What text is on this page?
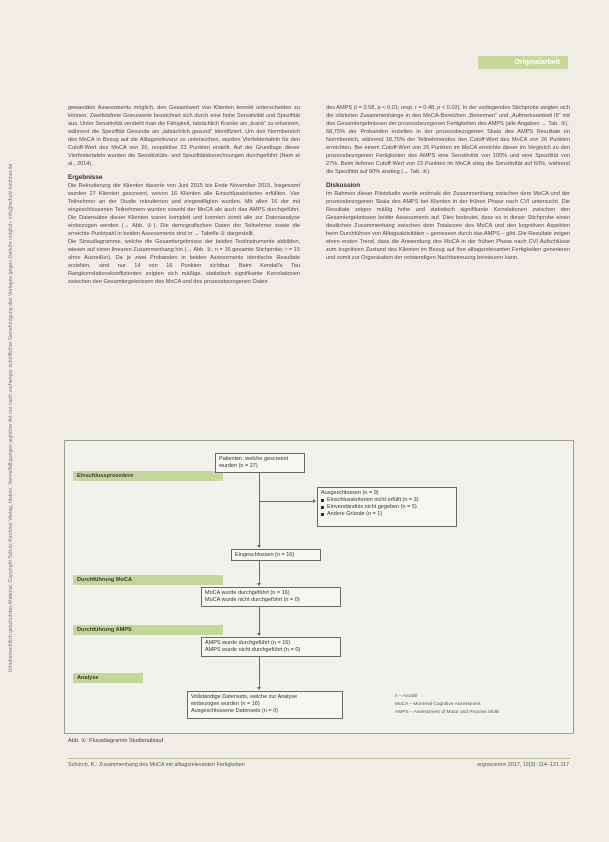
Urheberrechtlich geschütztes Material. Copyright Schulz-Kirchner Verlag, Idstein. Vervielfältigungen jeglicher Art nur nach vorheriger schriftlicher Genehmigung des Verlages gegen Gebühr möglich. info@schulz-kirchner.de
Originalarbeit

gewandten Assessments möglich, den Gesamtwert von Klienten korrekt unterscheiden zu können. Zweifelsfreie Grenzwerte bezeichnet sich durch eine hohe Sensitivität und Spezifität aus. Unter Sensitivität versteht man die Fähigkeit, tatsächlich Kranke als „krank“ zu erkennen, während die Spezifität Gesunde als „tatsächlich gesund“ identifiziert. Um den Normbereich des MoCA in Bezug auf die Alltagsrelevanz zu untersuchen, wurden Vierfeldertafeln für den Cutoff-Wert des MoCA von 26, respektive 23 Punkten erstellt. Auf der Grundlage dieser Vierfeldertafeln wurden die Sensitivitäts- und Spezifitätsberechnungen durchgeführt (Nam et al., 2014).

Ergebnisse

Die Rekrutierung der Klienten dauerte von Juni 2015 bis Ende November 2015. Insgesamt wurden 27 Klienten gescreent, wovon 16 Klienten alle Einschlusskriterien erfüllten. Vier Teilnehmer an der Studie rekrutierten und eingewilligten wurden. Mit allen 16 der mit eingeschlossenen Teilnehmern wurden sowohl der MoCA als auch das AMPS durchgeführt. Die Datensätze dieser Klienten waren komplett und konnten somit alle zur Datenanalyse einbezogen werden (→ Abb. ①). Die demografischen Daten der Teilnehmer sowie die erreichte Punktzahl in beiden Assessments sind in → Tabelle ② dargestellt.

Die Streudiagramme, welche die Gesamtergebnisse der beiden Testinstrumente abbilden, wiesen auf einen linearen Zusammenhang hin (→ Abb. ②; n = 16 gesamte Stichprobe; r = 15 ohne Ausreißer). Da je zwei Probanden in beiden Assessments identische Resultate erzielten, sind nur 14 von 16 Punkten sichtbar. Beim Kendall’s Tau Rangkorrelationskoeffizienten zeigten sich mäßige, statistisch signifikante Korrelationen zwischen den Gesamtergebnissen des MoCA und des prozessbezogenen Daten

des AMPS (t = 0.58, p < 0.01; resp. r = 0.48, p < 0.02). In der vorliegenden Stichprobe zeigten sich die stärksten Zusammenhänge in den MoCA-Bereichen „Benennen“ und „Aufmerksamkeit III“ mit den Gesamtergebnissen der prozessbezogenen Fertigkeiten des AMPS (alle Angaben → Tab. ③).

68,75% der Probanden erzielten in der prozessbezogenen Skala des AMPS Resultate im Normbereich, während 18,75% der Teilnehmenden den Cutoff-Wert des MoCA von 26 Punkten erreichten. Bei einem Cutoff-Wert von 26 Punkten im MoCA erreichte dieser im Vergleich zu den prozessbezogenen Fertigkeiten des AMPS eine Sensitivität von 100% und eine Spezifität von 27%. Beim tieferen Cutoff-Wert von 23 Punkten im MoCA stieg die Sensitivität auf 60%, während die Spezifität auf 90% anstieg (→ Tab. ④).

Diskussion

Im Rahmen dieser Pilotstudie wurde erstmals der Zusammenhang zwischen dem MoCA und der prozessbezogenen Skala des AMPS bei Klienten in der frühen Phase nach CVI untersucht. Die Resultate zeigen mäßig hohe und statistisch signifikante Korrelationen zwischen den Gesamtergebnissen beider Assessments auf. Dies bedeutet, dass es in dieser Stichprobe einen deutlichen Zusammenhang zwischen dem Totalscore des MoCA und den kognitiven Aspekten beim Durchführen von Alltagsaktivitäten – gemessen durch das AMPS – gibt. Die Resultate zeigen einen ersten Trend, dass die Anwendung des MoCA in der frühen Phase nach CVI Aufschlüsse zum kognitiven Zustand des Klienten im Bezug auf ihre alltagsrelevanten Fertigkeiten generieren und somit zur Organisation der notwendigen Nachbetreuung beisteuern kann.

Einschlussprozedere
Durchführung MoCA
Durchführung AMPS
Analyse
Patienten, welche gescreent
wurden (n = 27)
Ausgeschlossen (n = 9)
Einschlusskriterien nicht erfüllt (n = 3)
Einverständnis nicht gegeben (n = 5)
Andere Gründe (n = 1)
Eingeschlossen (n = 16)
MoCA wurde durchgeführt (n = 16)
MoCA wurde nicht durchgeführt (n = 0)
AMPS wurde durchgeführt (n = 16)
AMPS wurde nicht durchgeführt (n = 0)
Vollständige Datensets, welche zur Analyse
einbezogen wurden (n = 16)
Ausgeschlossene Datensets (n = 0)
n – Anzahl
MoCA – Montreal Cognitive Assessment
AMPS – Assessment of Motor and Process Skills
Abb. ①: Flussdiagramm Studienablauf
Schürch, K.: Zusammenhang des MoCA mit alltagsrelevanten Fertigkeiten	ergoscience 2017, 12(3): 114–121 117
